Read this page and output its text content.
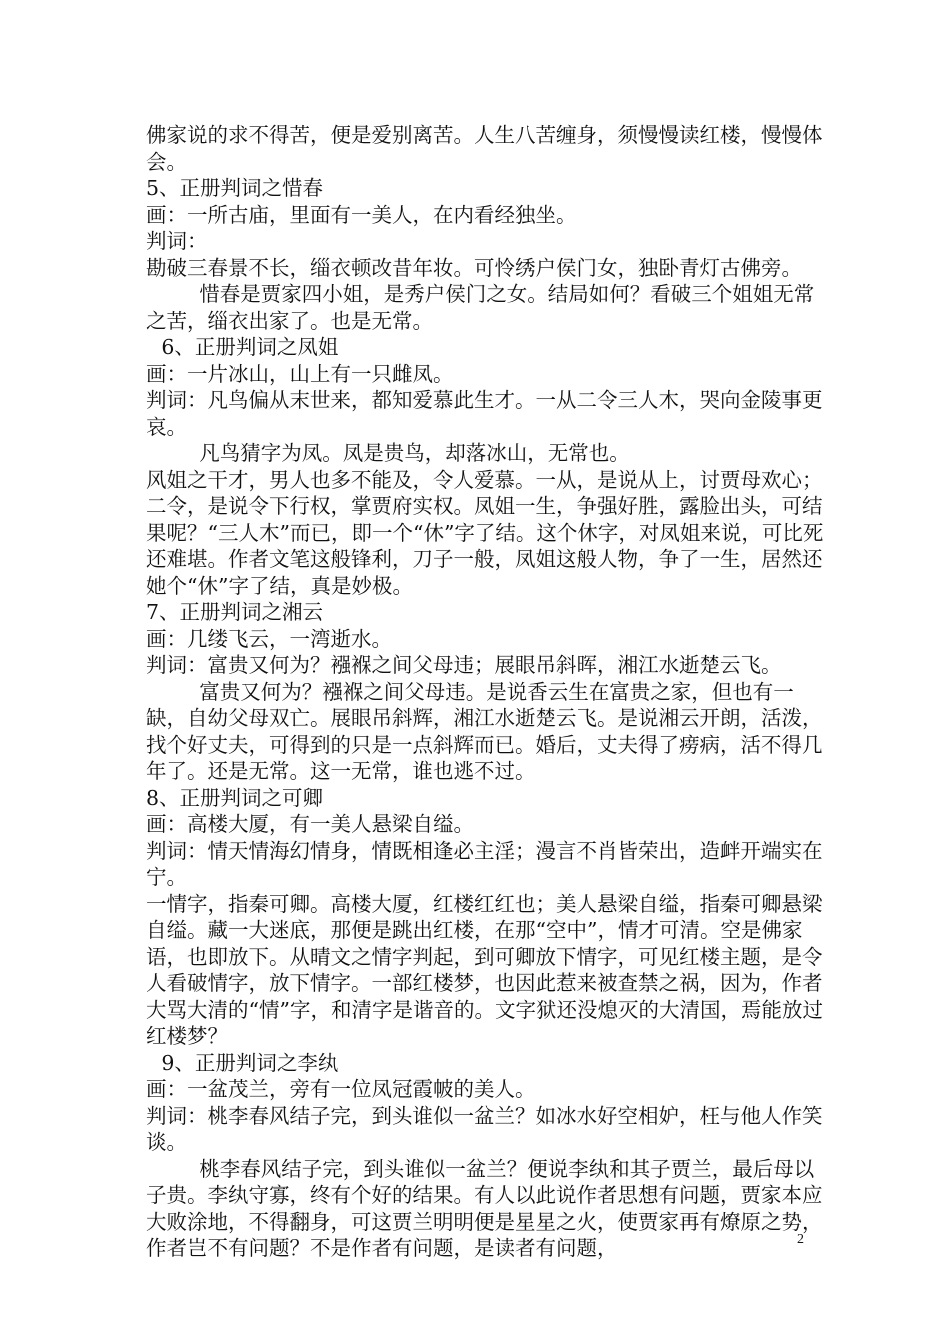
佛家说的求不得苦，便是爱别离苦。人生八苦缠身，须慢慢读红楼，慢慢体会。

5、正册判词之惜春

画：一所古庙，里面有一美人，在内看经独坐。

判词：

勘破三春景不长，缁衣顿改昔年妆。可怜绣户侯门女，独卧青灯古佛旁。

惜春是贾家四小姐，是秀户侯门之女。结局如何？看破三个姐姐无常之苦，缁衣出家了。也是无常。

6、正册判词之凤姐

画：一片冰山，山上有一只雌凤。

判词：凡鸟偏从末世来，都知爱慕此生才。一从二令三人木，哭向金陵事更哀。

凡鸟猜字为凤。凤是贵鸟，却落冰山，无常也。

风姐之干才，男人也多不能及，令人爱慕。一从，是说从上，讨贾母欢心；二令，是说令下行权，掌贾府实权。凤姐一生，争强好胜，露脸出头，可结果呢？“三人木”而已，即一个“休”字了结。这个休字，对凤姐来说，可比死还难堪。作者文笔这般锋利，刀子一般，凤姐这般人物，争了一生，居然还她个“休”字了结，真是妙极。

7、正册判词之湘云

画：几缕飞云，一湾逝水。

判词：富贵又何为？襁褓之间父母违；展眼吊斜晖，湘江水逝楚云飞。

富贵又何为？襁褓之间父母违。是说香云生在富贵之家，但也有一缺，自幼父母双亡。展眼吊斜辉，湘江水逝楚云飞。是说湘云开朗，活泼，找个好丈夫，可得到的只是一点斜辉而已。婚后，丈夫得了痨病，活不得几年了。还是无常。这一无常，谁也逃不过。

8、正册判词之可卿

画：高楼大厦，有一美人悬梁自缢。

判词：情天情海幻情身，情既相逢必主淫；漫言不肖皆荣出，造衅开端实在宁。

一情字，指秦可卿。高楼大厦，红楼红红也；美人悬梁自缢，指秦可卿悬梁自缢。藏一大迷底，那便是跳出红楼，在那“空中”，情才可清。空是佛家语，也即放下。从晴文之情字判起，到可卿放下情字，可见红楼主题，是令人看破情字，放下情字。一部红楼梦，也因此惹来被查禁之祸，因为，作者大骂大清的“情”字，和清字是谐音的。文字狱还没熄灭的大清国，焉能放过红楼梦？

9、正册判词之李纨

画：一盆茂兰，旁有一位凤冠霞帔的美人。

判词：桃李春风结子完，到头谁似一盆兰？如冰水好空相妒，枉与他人作笑谈。

桃李春风结子完，到头谁似一盆兰？便说李纨和其子贾兰，最后母以子贵。李纨守寡，终有个好的结果。有人以此说作者思想有问题，贾家本应大败涂地，不得翻身，可这贾兰明明便是星星之火，使贾家再有燎原之势，作者岂不有问题？不是作者有问题，是读者有问题，	2
